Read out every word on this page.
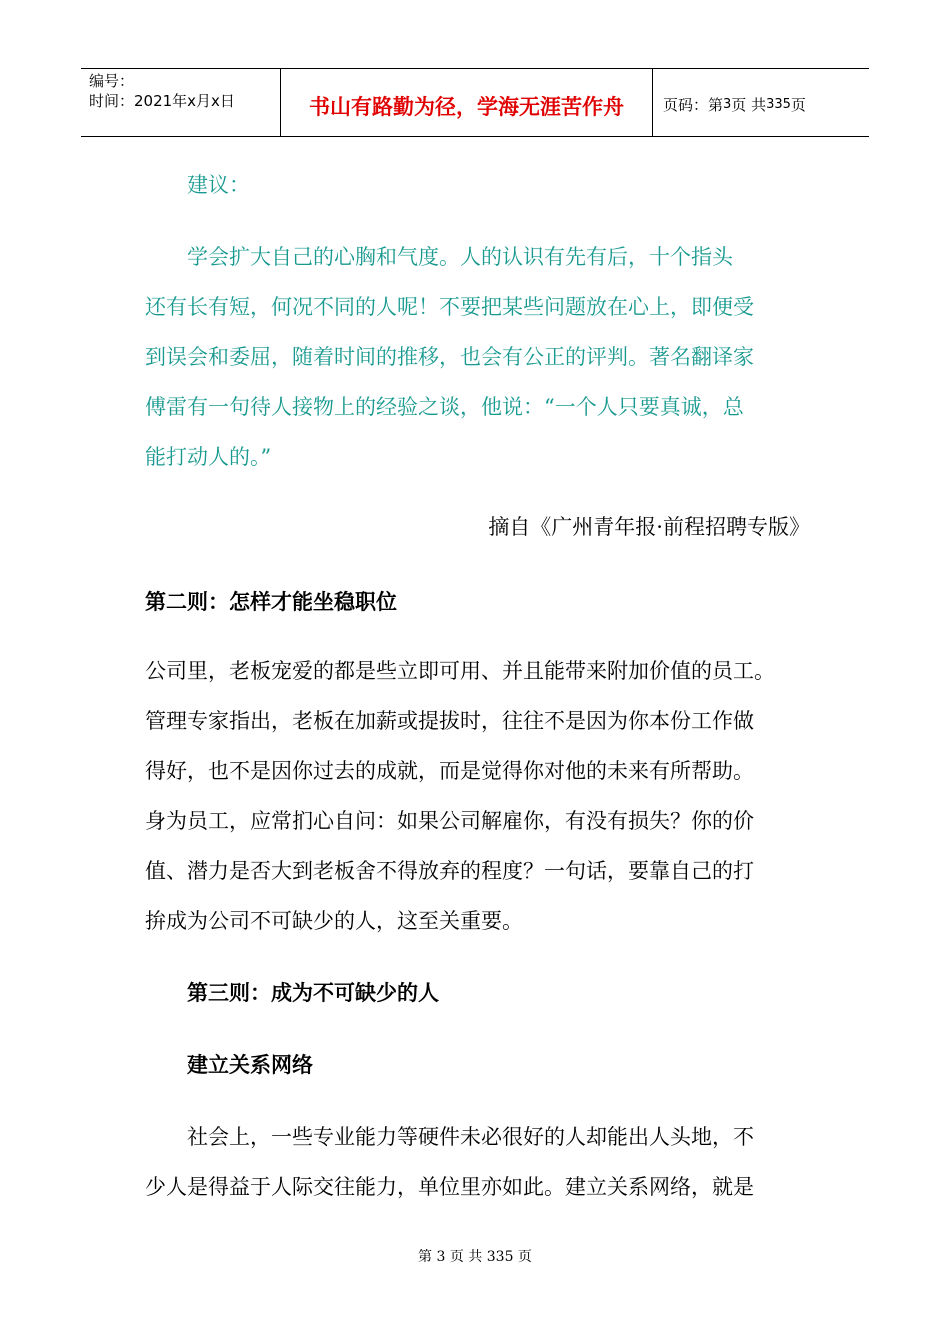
编号：
时间：2021年x月x日	书山有路勤为径，学海无涯苦作舟	页码：第 3 页 共 335 页

建议：

学会扩大自己的心胸和气度。人的认识有先有后，十个指头

还有长有短，何况不同的人呢！不要把某些问题放在心上，即便受

到误会和委屈，随着时间的推移，也会有公正的评判。著名翻译家

傅雷有一句待人接物上的经验之谈，他说：“一个人只要真诚，总

能打动人的。”

摘自《广州青年报·前程招聘专版》

第二则：怎样才能坐稳职位

公司里，老板宠爱的都是些立即可用、并且能带来附加价值的员工。

管理专家指出，老板在加薪或提拔时，往往不是因为你本份工作做

得好，也不是因你过去的成就，而是觉得你对他的未来有所帮助。

身为员工，应常扪心自问：如果公司解雇你，有没有损失？你的价

值、潜力是否大到老板舍不得放弃的程度？一句话，要靠自己的打

拚成为公司不可缺少的人，这至关重要。

第三则：成为不可缺少的人

建立关系网络

社会上，一些专业能力等硬件未必很好的人却能出人头地，不

少人是得益于人际交往能力，单位里亦如此。建立关系网络，就是

第 3 页 共 335 页
